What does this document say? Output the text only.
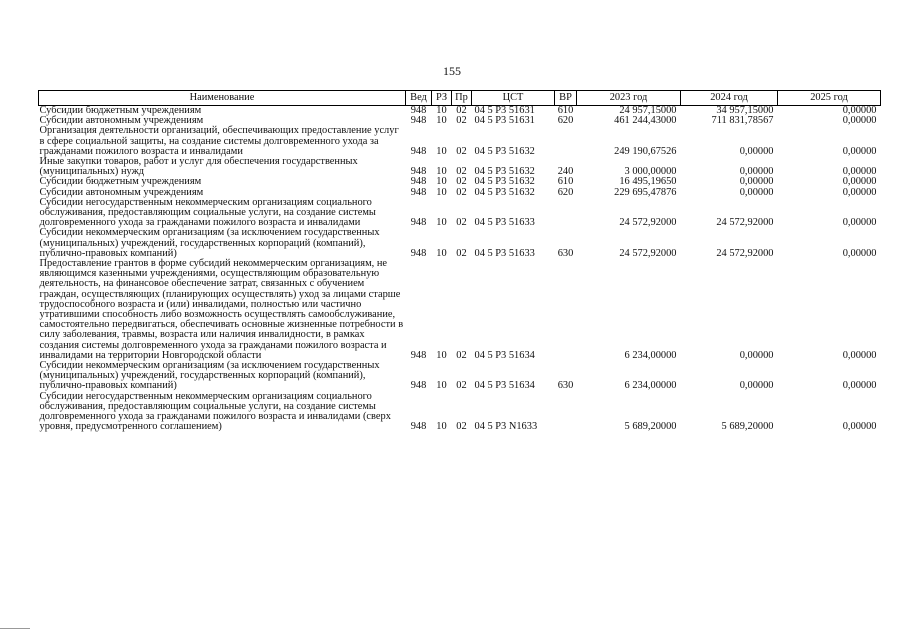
155
Наименование	Вед	РЗ	Пр	ЦСТ	ВР	2023 год	2024 год	2025 год
Субсидии бюджетным учреждениям	948	10	02	04 5 Р3 51631	610	24 957,15000	34 957,15000	0,00000
Субсидии автономным учреждениям	948	10	02	04 5 Р3 51631	620	461 244,43000	711 831,78567	0,00000
Организация деятельности организаций, обеспечивающих предоставление услуг в сфере социальной защиты, на создание системы долговременного ухода за гражданами пожилого возраста и инвалидами	948	10	02	04 5 Р3 51632		249 190,67526	0,00000	0,00000
Иные закупки товаров, работ и услуг для обеспечения государственных (муниципальных) нужд	948	10	02	04 5 Р3 51632	240	3 000,00000	0,00000	0,00000
Субсидии бюджетным учреждениям	948	10	02	04 5 Р3 51632	610	16 495,19650	0,00000	0,00000
Субсидии автономным учреждениям	948	10	02	04 5 Р3 51632	620	229 695,47876	0,00000	0,00000
Субсидии негосударственным некоммерческим организациям социального обслуживания, предоставляющим социальные услуги, на создание системы долговременного ухода за гражданами пожилого возраста и инвалидами	948	10	02	04 5 Р3 51633		24 572,92000	24 572,92000	0,00000
Субсидии некоммерческим организациям (за исключением государственных (муниципальных) учреждений, государственных корпораций (компаний), публично-правовых компаний)	948	10	02	04 5 Р3 51633	630	24 572,92000	24 572,92000	0,00000
Предоставление грантов в форме субсидий некоммерческим организациям, не являющимся казенными учреждениями, осуществляющим образовательную деятельность, на финансовое обеспечение затрат, связанных с обучением граждан, осуществляющих (планирующих осуществлять) уход за лицами старше трудоспособного возраста и (или) инвалидами, полностью или частично утратившими способность либо возможность осуществлять самообслуживание, самостоятельно передвигаться, обеспечивать основные жизненные потребности в силу заболевания, травмы, возраста или наличия инвалидности, в рамках создания системы долговременного ухода за гражданами пожилого возраста и инвалидами на территории Новгородской области	948	10	02	04 5 Р3 51634		6 234,00000	0,00000	0,00000
Субсидии некоммерческим организациям (за исключением государственных (муниципальных) учреждений, государственных корпораций (компаний), публично-правовых компаний)	948	10	02	04 5 Р3 51634	630	6 234,00000	0,00000	0,00000
Субсидии негосударственным некоммерческим организациям социального обслуживания, предоставляющим социальные услуги, на создание системы долговременного ухода за гражданами пожилого возраста и инвалидами (сверх уровня, предусмотренного соглашением)	948	10	02	04 5 Р3 N1633		5 689,20000	5 689,20000	0,00000
